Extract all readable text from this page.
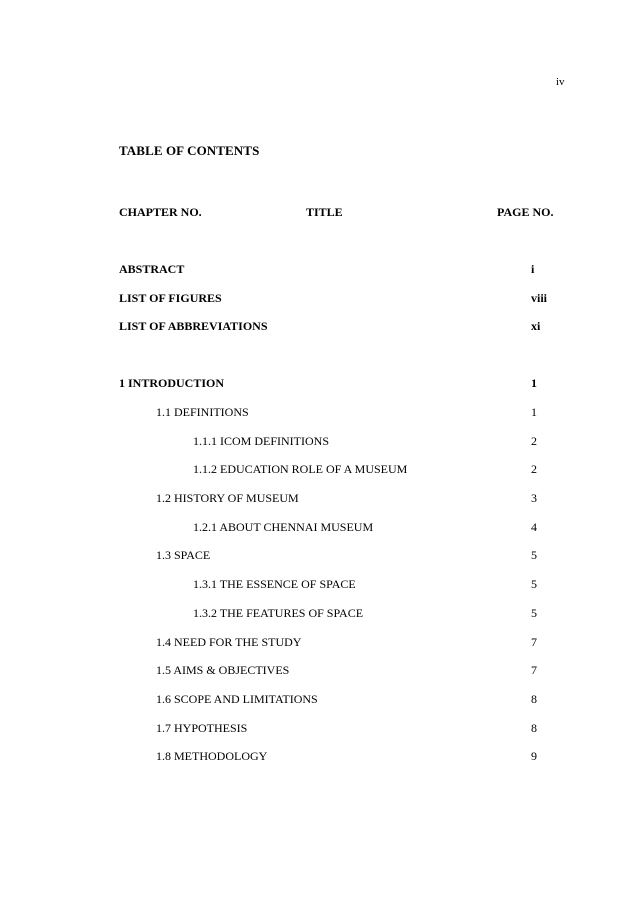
iv
TABLE OF CONTENTS
CHAPTER NO.	TITLE	PAGE NO.
ABSTRACT	i
LIST OF FIGURES	viii
LIST OF ABBREVIATIONS	xi
1 INTRODUCTION	1
1.1 DEFINITIONS	1
1.1.1 ICOM DEFINITIONS	2
1.1.2 EDUCATION ROLE OF A MUSEUM	2
1.2 HISTORY OF MUSEUM	3
1.2.1 ABOUT CHENNAI MUSEUM	4
1.3 SPACE	5
1.3.1 THE ESSENCE OF SPACE	5
1.3.2 THE FEATURES OF SPACE	5
1.4 NEED FOR THE STUDY	7
1.5 AIMS & OBJECTIVES	7
1.6 SCOPE AND LIMITATIONS	8
1.7 HYPOTHESIS	8
1.8 METHODOLOGY	9
